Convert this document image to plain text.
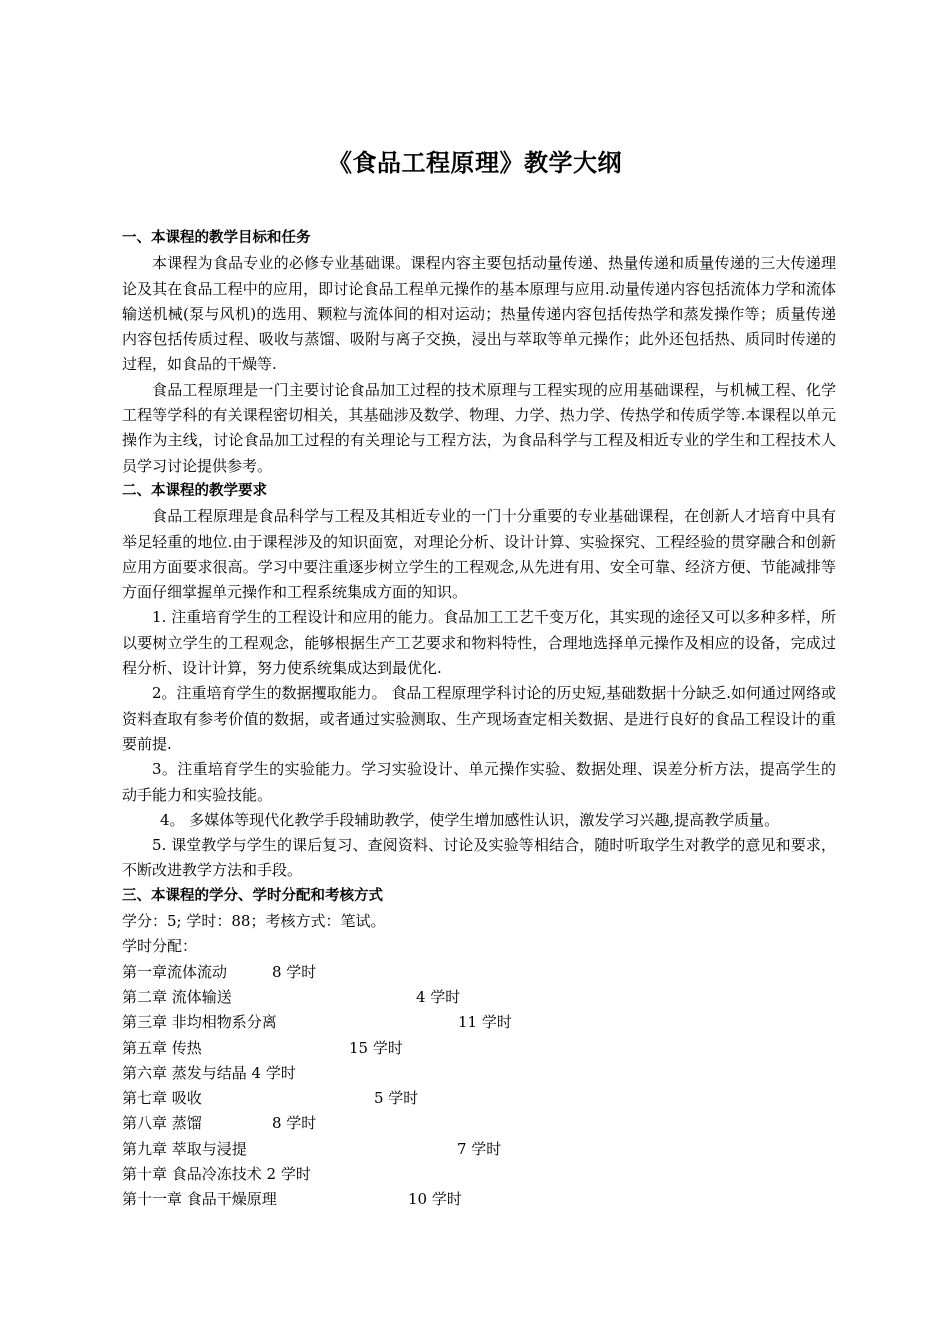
《食品工程原理》教学大纲

一、本课程的教学目标和任务

本课程为食品专业的必修专业基础课。课程内容主要包括动量传递、热量传递和质量传递的三大传递理论及其在食品工程中的应用，即讨论食品工程单元操作的基本原理与应用.动量传递内容包括流体力学和流体输送机械(泵与风机)的选用、颗粒与流体间的相对运动；热量传递内容包括传热学和蒸发操作等；质量传递内容包括传质过程、吸收与蒸馏、吸附与离子交换，浸出与萃取等单元操作；此外还包括热、质同时传递的过程，如食品的干燥等.

食品工程原理是一门主要讨论食品加工过程的技术原理与工程实现的应用基础课程，与机械工程、化学工程等学科的有关课程密切相关，其基础涉及数学、物理、力学、热力学、传热学和传质学等.本课程以单元操作为主线，讨论食品加工过程的有关理论与工程方法，为食品科学与工程及相近专业的学生和工程技术人员学习讨论提供参考。

二、本课程的教学要求

食品工程原理是食品科学与工程及其相近专业的一门十分重要的专业基础课程，在创新人才培育中具有举足轻重的地位.由于课程涉及的知识面宽，对理论分析、设计计算、实验探究、工程经验的贯穿融合和创新应用方面要求很高。学习中要注重逐步树立学生的工程观念,从先进有用、安全可靠、经济方便、节能减排等方面仔细掌握单元操作和工程系统集成方面的知识。

1. 注重培育学生的工程设计和应用的能力。食品加工工艺千变万化，其实现的途径又可以多种多样，所以要树立学生的工程观念，能够根据生产工艺要求和物料特性，合理地选择单元操作及相应的设备，完成过程分析、设计计算，努力使系统集成达到最优化.

2。注重培育学生的数据攫取能力。 食品工程原理学科讨论的历史短,基础数据十分缺乏.如何通过网络或资料查取有参考价值的数据，或者通过实验测取、生产现场查定相关数据、是进行良好的食品工程设计的重要前提.

3。注重培育学生的实验能力。学习实验设计、单元操作实验、数据处理、误差分析方法，提高学生的动手能力和实验技能。

4。 多媒体等现代化教学手段辅助教学，使学生增加感性认识，激发学习兴趣,提高教学质量。

5. 课堂教学与学生的课后复习、查阅资料、讨论及实验等相结合，随时听取学生对教学的意见和要求，不断改进教学方法和手段。

三、本课程的学分、学时分配和考核方式

学分：5; 学时：88；考核方式：笔试。

学时分配：

第一章流体流动	8 学时
第二章 流体输送	4 学时
第三章 非均相物系分离	11 学时
第五章 传热	15 学时
第六章 蒸发与结晶 4 学时
第七章 吸收	5 学时
第八章 蒸馏	8 学时
第九章 萃取与浸提	7 学时
第十章 食品冷冻技术 2 学时
第十一章 食品干燥原理	10 学时
